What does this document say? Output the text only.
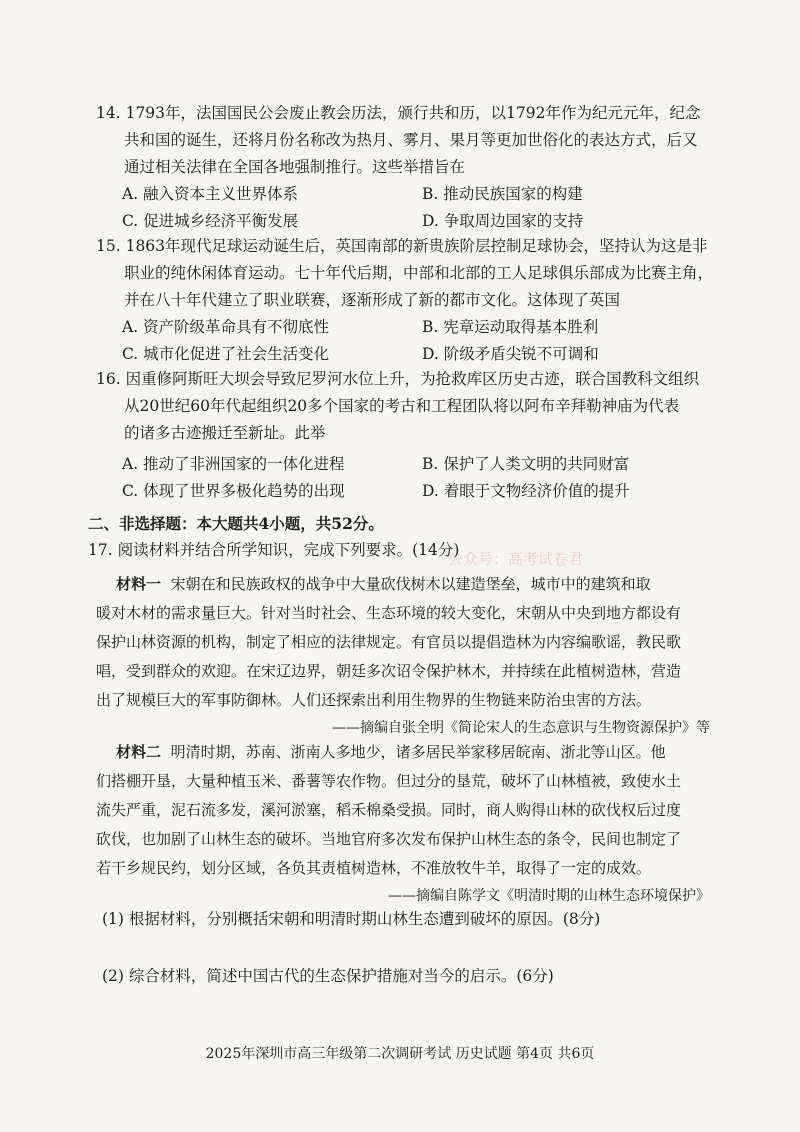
14. 1793年，法国国民公会废止教会历法，颁行共和历，以1792年作为纪元元年，纪念
共和国的诞生，还将月份名称改为热月、雾月、果月等更加世俗化的表达方式，后又
通过相关法律在全国各地强制推行。这些举措旨在
A. 融入资本主义世界体系	B. 推动民族国家的构建
C. 促进城乡经济平衡发展	D. 争取周边国家的支持
15. 1863年现代足球运动诞生后，英国南部的新贵族阶层控制足球协会，坚持认为这是非
职业的纯休闲体育运动。七十年代后期，中部和北部的工人足球俱乐部成为比赛主角，
并在八十年代建立了职业联赛，逐渐形成了新的都市文化。这体现了英国
A. 资产阶级革命具有不彻底性	B. 宪章运动取得基本胜利
C. 城市化促进了社会生活变化	D. 阶级矛盾尖锐不可调和
16. 因重修阿斯旺大坝会导致尼罗河水位上升，为抢救库区历史古迹，联合国教科文组织
从20世纪60年代起组织20多个国家的考古和工程团队将以阿布辛拜勒神庙为代表
的诸多古迹搬迁至新址。此举
A. 推动了非洲国家的一体化进程	B. 保护了人类文明的共同财富
C. 体现了世界多极化趋势的出现	D. 着眼于文物经济价值的提升
二、非选择题：本大题共4小题，共52分。
17. 阅读材料并结合所学知识，完成下列要求。(14分)
公众号：高考试卷君
材料一 宋朝在和民族政权的战争中大量砍伐树木以建造堡垒，城市中的建筑和取
暖对木材的需求量巨大。针对当时社会、生态环境的较大变化，宋朝从中央到地方都设有
保护山林资源的机构，制定了相应的法律规定。有官员以提倡造林为内容编歌谣，教民歌
唱，受到群众的欢迎。在宋辽边界，朝廷多次诏令保护林木，并持续在此植树造林，营造
出了规模巨大的军事防御林。人们还探索出利用生物界的生物链来防治虫害的方法。
——摘编自张全明《简论宋人的生态意识与生物资源保护》等
材料二 明清时期，苏南、浙南人多地少，诸多居民举家移居皖南、浙北等山区。他
们搭棚开垦，大量种植玉米、番薯等农作物。但过分的垦荒，破坏了山林植被，致使水土
流失严重，泥石流多发，溪河淤塞，稻禾棉桑受损。同时，商人购得山林的砍伐权后过度
砍伐，也加剧了山林生态的破坏。当地官府多次发布保护山林生态的条令，民间也制定了
若干乡规民约，划分区域，各负其责植树造林，不准放牧牛羊，取得了一定的成效。
——摘编自陈学文《明清时期的山林生态环境保护》
(1) 根据材料，分别概括宋朝和明清时期山林生态遭到破坏的原因。(8分)
(2) 综合材料，简述中国古代的生态保护措施对当今的启示。(6分)
2025年深圳市高三年级第二次调研考试 历史试题 第4页 共6页
